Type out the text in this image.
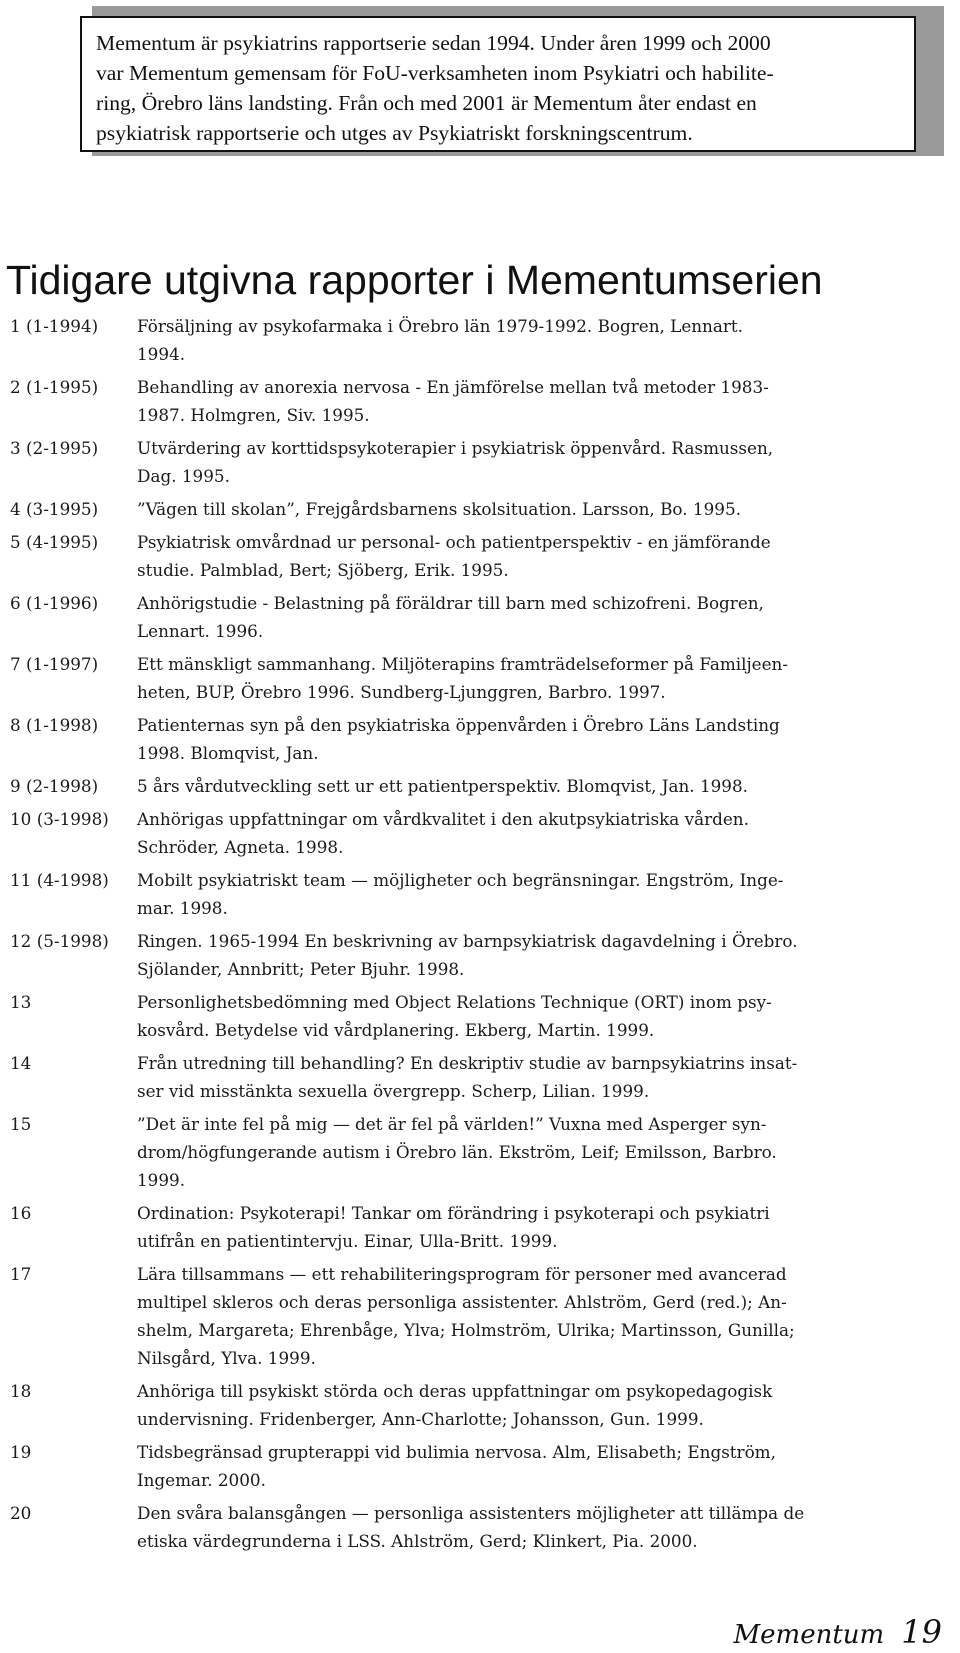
Mementum är psykiatrins rapportserie sedan 1994. Under åren 1999 och 2000
var Mementum gemensam för FoU-verksamheten inom Psykiatri och habilite-
ring, Örebro läns landsting. Från och med 2001 är Mementum åter endast en
psykiatrisk rapportserie och utges av Psykiatriskt forskningscentrum.
Tidigare utgivna rapporter i Mementumserien
1 (1-1994)	Försäljning av psykofarmaka i Örebro län 1979-1992. Bogren, Lennart.
1994.
2 (1-1995)	Behandling av anorexia nervosa - En jämförelse mellan två metoder 1983-
1987. Holmgren, Siv. 1995.
3 (2-1995)	Utvärdering av korttidspsykoterapier i psykiatrisk öppenvård. Rasmussen,
Dag. 1995.
4 (3-1995)	”Vägen till skolan”, Frejgårdsbarnens skolsituation. Larsson, Bo. 1995.
5 (4-1995)	Psykiatrisk omvårdnad ur personal- och patientperspektiv - en jämförande
studie. Palmblad, Bert; Sjöberg, Erik. 1995.
6 (1-1996)	Anhörigstudie - Belastning på föräldrar till barn med schizofreni. Bogren,
Lennart. 1996.
7 (1-1997)	Ett mänskligt sammanhang. Miljöterapins framträdelseformer på Familjeen-
heten, BUP, Örebro 1996. Sundberg-Ljunggren, Barbro. 1997.
8 (1-1998)	Patienternas syn på den psykiatriska öppenvården i Örebro Läns Landsting
1998. Blomqvist, Jan.
9 (2-1998)	5 års vårdutveckling sett ur ett patientperspektiv. Blomqvist, Jan. 1998.
10 (3-1998)	Anhörigas uppfattningar om vårdkvalitet i den akutpsykiatriska vården.
Schröder, Agneta. 1998.
11 (4-1998)	Mobilt psykiatriskt team — möjligheter och begränsningar. Engström, Inge-
mar. 1998.
12 (5-1998)	Ringen. 1965-1994 En beskrivning av barnpsykiatrisk dagavdelning i Örebro.
Sjölander, Annbritt; Peter Bjuhr. 1998.
13	Personlighetsbedömning med Object Relations Technique (ORT) inom psy-
kosvård. Betydelse vid vårdplanering. Ekberg, Martin. 1999.
14	Från utredning till behandling? En deskriptiv studie av barnpsykiatrins insat-
ser vid misstänkta sexuella övergrepp. Scherp, Lilian. 1999.
15	”Det är inte fel på mig — det är fel på världen!” Vuxna med Asperger syn-
drom/högfungerande autism i Örebro län. Ekström, Leif; Emilsson, Barbro.
1999.
16	Ordination: Psykoterapi! Tankar om förändring i psykoterapi och psykiatri
utifrån en patientintervju. Einar, Ulla-Britt. 1999.
17	Lära tillsammans — ett rehabiliteringsprogram för personer med avancerad
multipel skleros och deras personliga assistenter. Ahlström, Gerd (red.); An-
shelm, Margareta; Ehrenbåge, Ylva; Holmström, Ulrika; Martinsson, Gunilla;
Nilsgård, Ylva. 1999.
18	Anhöriga till psykiskt störda och deras uppfattningar om psykopedagogisk
undervisning. Fridenberger, Ann-Charlotte; Johansson, Gun. 1999.
19	Tidsbegränsad grupterappi vid bulimia nervosa. Alm, Elisabeth; Engström,
Ingemar. 2000.
20	Den svåra balansgången — personliga assistenters möjligheter att tillämpa de
etiska värdegrunderna i LSS. Ahlström, Gerd; Klinkert, Pia. 2000.
Mementum 19
